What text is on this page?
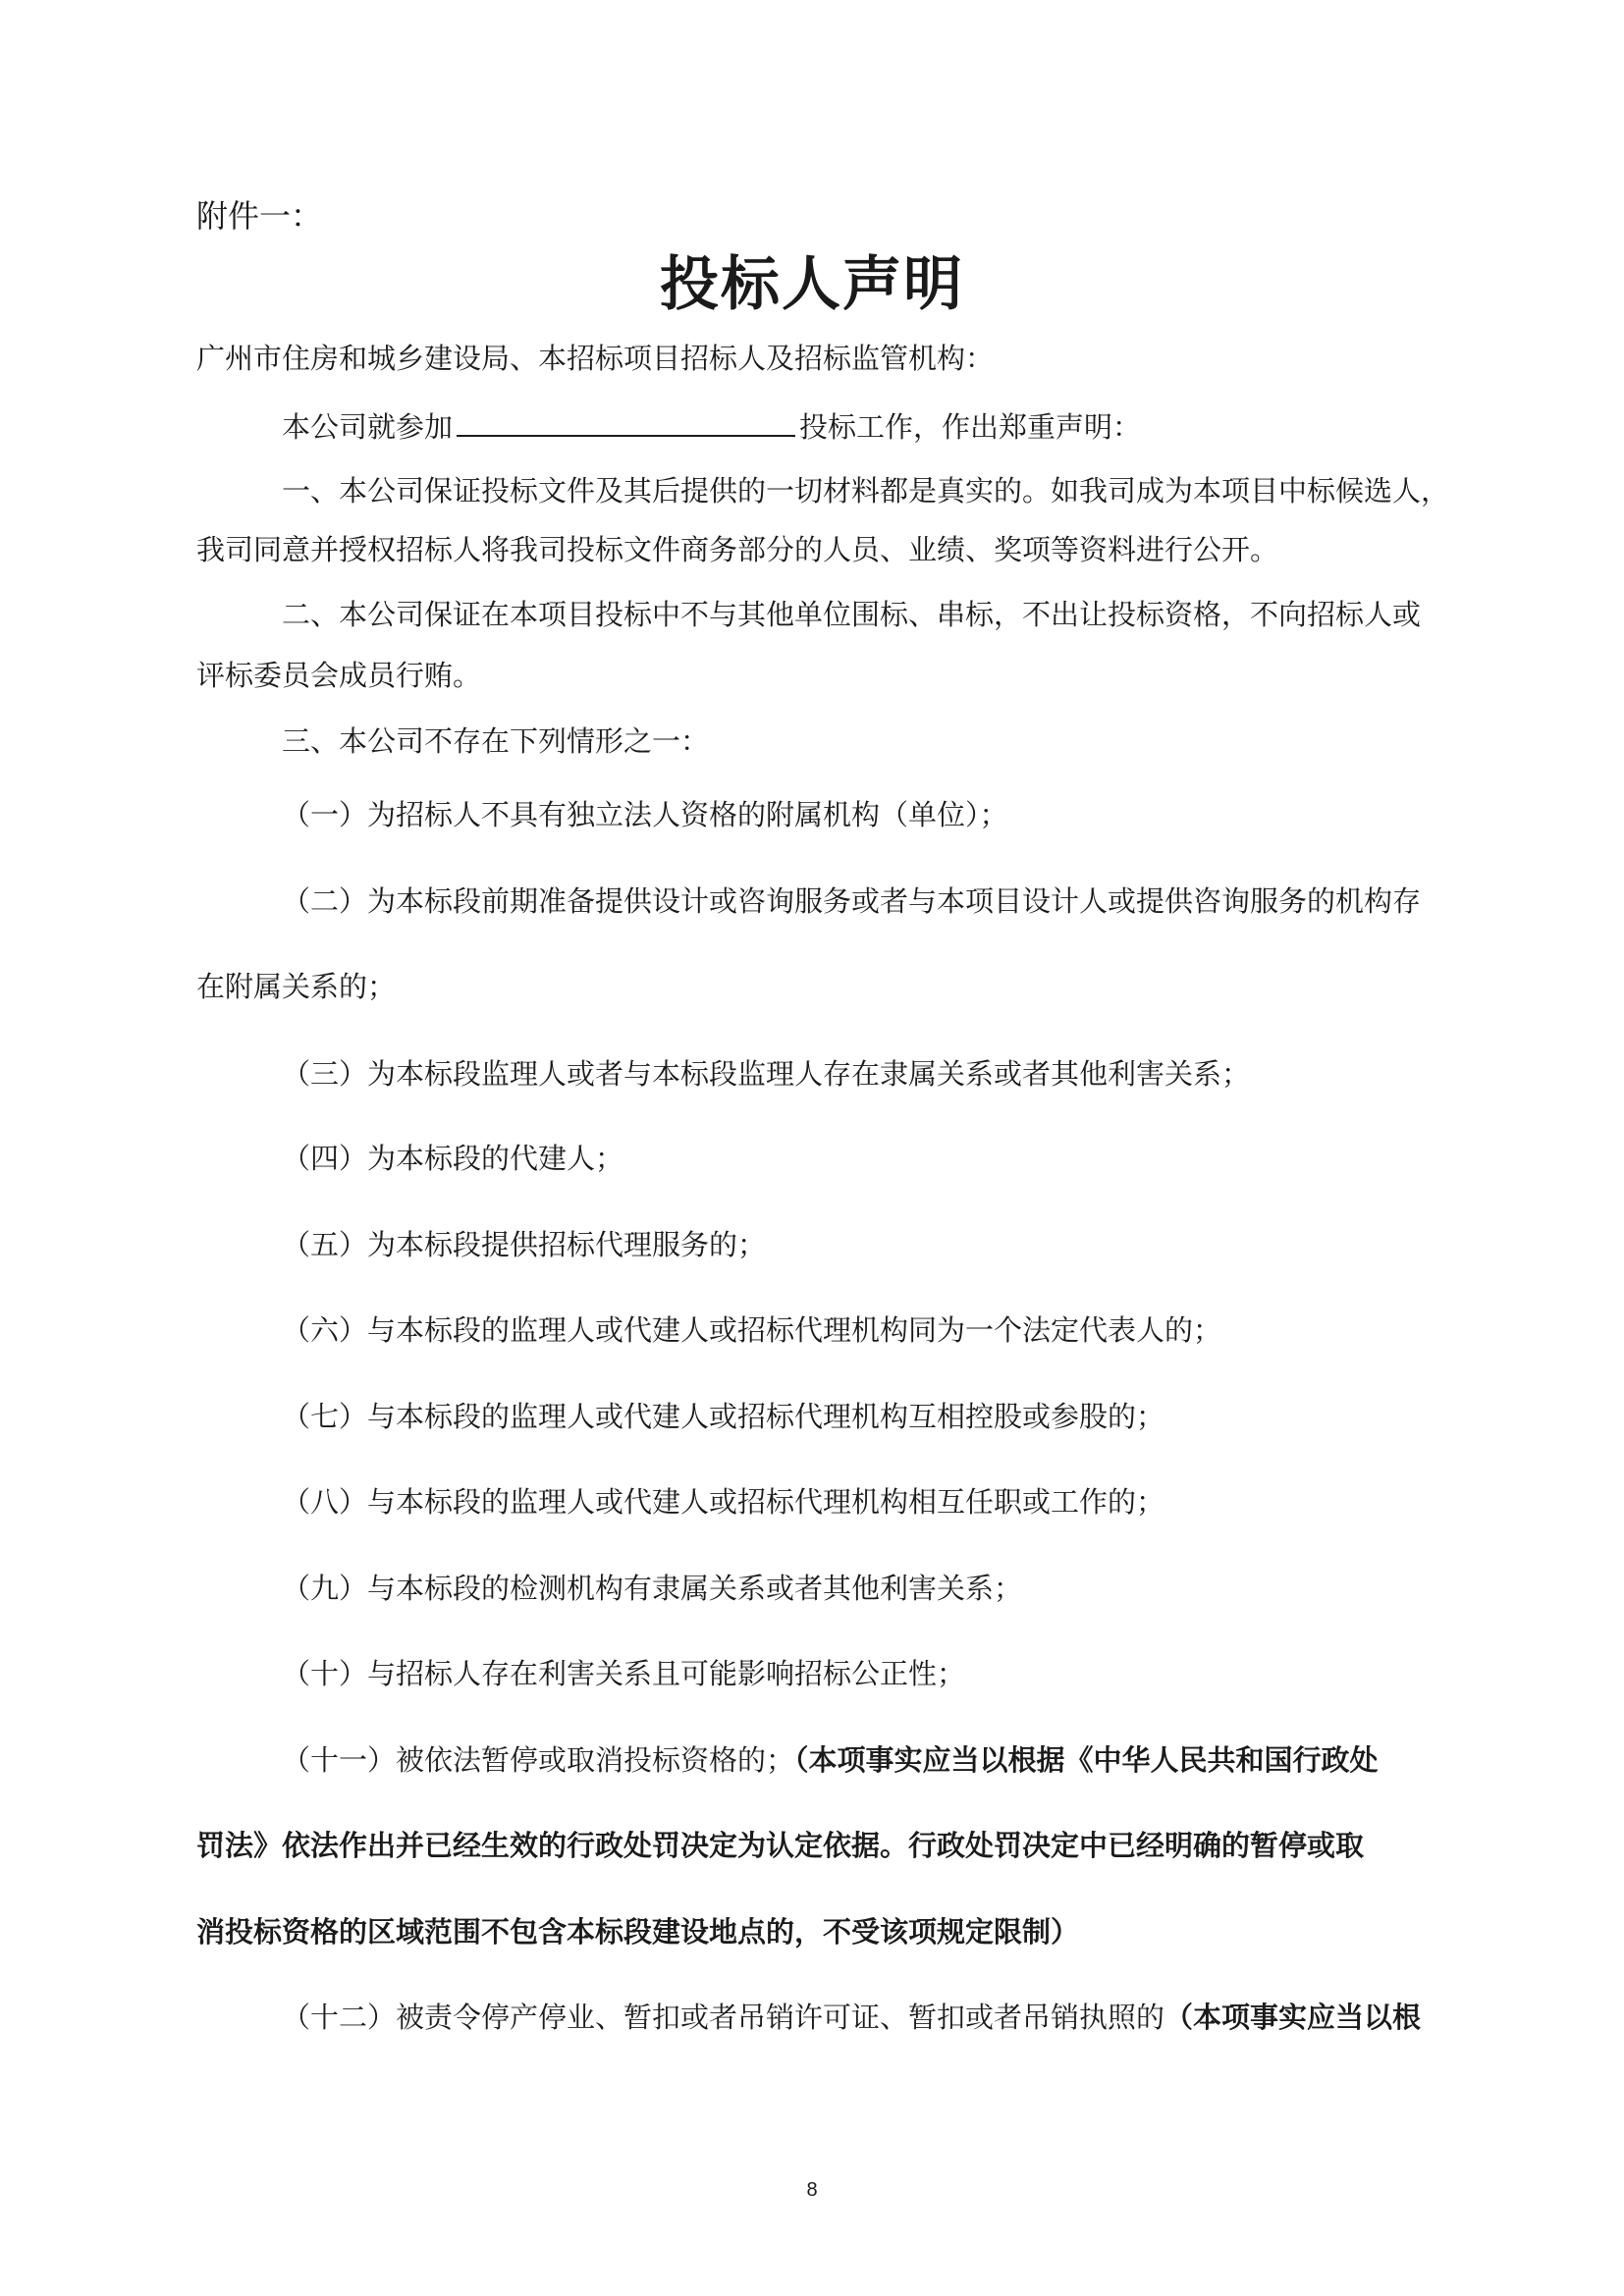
附件一：

投标人声明

广州市住房和城乡建设局、本招标项目招标人及招标监管机构：

本公司就参加	投标工作，作出郑重声明：

一、本公司保证投标文件及其后提供的一切材料都是真实的。如我司成为本项目中标候选人，

我司同意并授权招标人将我司投标文件商务部分的人员、业绩、奖项等资料进行公开。

二、本公司保证在本项目投标中不与其他单位围标、串标，不出让投标资格，不向招标人或

评标委员会成员行贿。

三、本公司不存在下列情形之一：

（一）为招标人不具有独立法人资格的附属机构（单位）；

（二）为本标段前期准备提供设计或咨询服务或者与本项目设计人或提供咨询服务的机构存

在附属关系的；

（三）为本标段监理人或者与本标段监理人存在隶属关系或者其他利害关系；

（四）为本标段的代建人；

（五）为本标段提供招标代理服务的；

（六）与本标段的监理人或代建人或招标代理机构同为一个法定代表人的；

（七）与本标段的监理人或代建人或招标代理机构互相控股或参股的；

（八）与本标段的监理人或代建人或招标代理机构相互任职或工作的；

（九）与本标段的检测机构有隶属关系或者其他利害关系；

（十）与招标人存在利害关系且可能影响招标公正性；

（十一）被依法暂停或取消投标资格的；（本项事实应当以根据《中华人民共和国行政处

罚法》依法作出并已经生效的行政处罚决定为认定依据。行政处罚决定中已经明确的暂停或取

消投标资格的区域范围不包含本标段建设地点的，不受该项规定限制）

（十二）被责令停产停业、暂扣或者吊销许可证、暂扣或者吊销执照的（本项事实应当以根

8
